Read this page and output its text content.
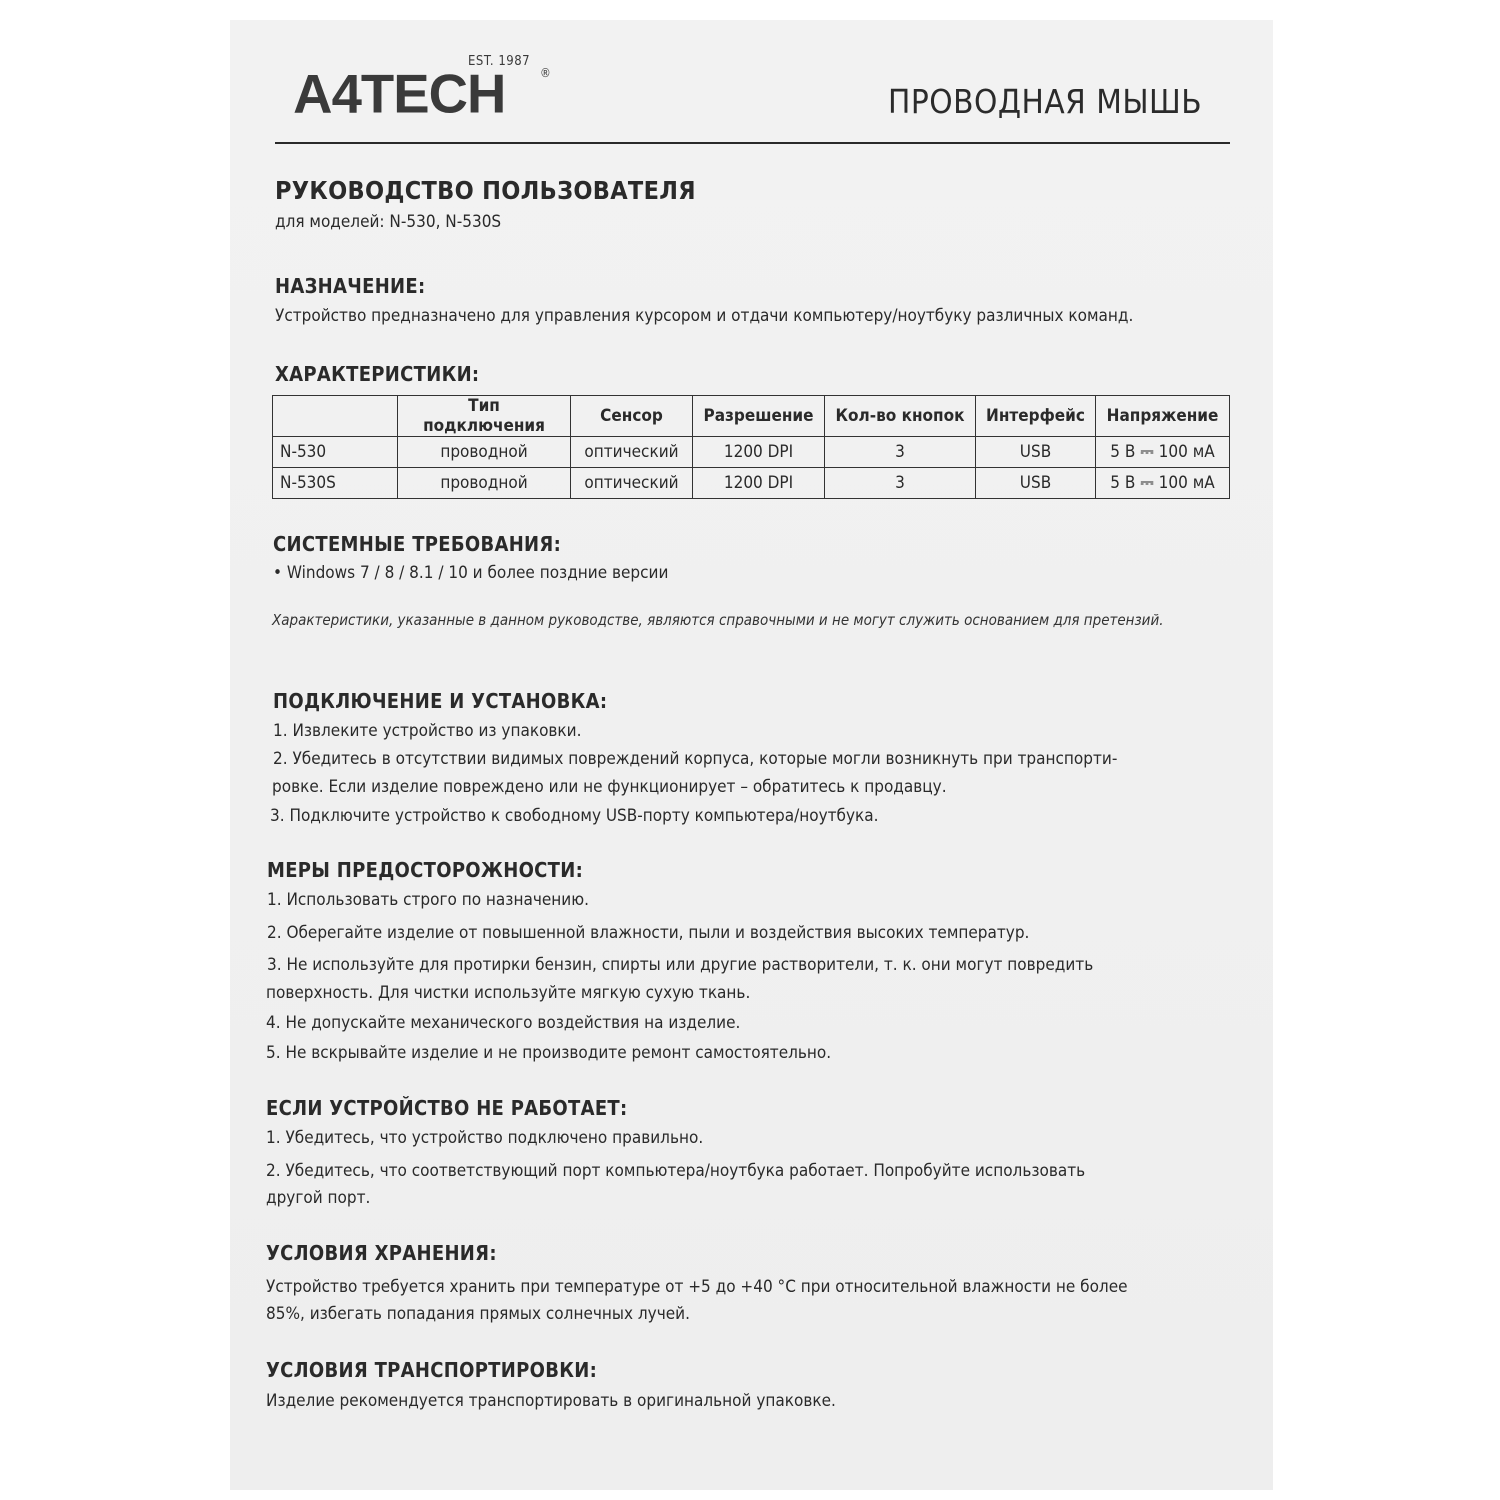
A4TECH
EST. 1987
®
ПРОВОДНАЯ МЫШЬ
РУКОВОДСТВО ПОЛЬЗОВАТЕЛЯ
для моделей: N-530, N-530S
НАЗНАЧЕНИЕ:
Устройство предназначено для управления курсором и отдачи компьютеру/ноутбуку различных команд.
ХАРАКТЕРИСТИКИ:
	Тип подключения	Сенсор	Разрешение	Кол-во кнопок	Интерфейс	Напряжение
N-530	проводной	оптический	1200 DPI	3	USB	5 В ⎓ 100 мА
N-530S	проводной	оптический	1200 DPI	3	USB	5 В ⎓ 100 мА
СИСТЕМНЫЕ ТРЕБОВАНИЯ:
• Windows 7 / 8 / 8.1 / 10 и более поздние версии
Характеристики, указанные в данном руководстве, являются справочными и не могут служить основанием для претензий.
ПОДКЛЮЧЕНИЕ И УСТАНОВКА:
1. Извлеките устройство из упаковки.
2. Убедитесь в отсутствии видимых повреждений корпуса, которые могли возникнуть при транспорти-
ровке. Если изделие повреждено или не функционирует – обратитесь к продавцу.
3. Подключите устройство к свободному USB-порту компьютера/ноутбука.
МЕРЫ ПРЕДОСТОРОЖНОСТИ:
1. Использовать строго по назначению.
2. Оберегайте изделие от повышенной влажности, пыли и воздействия высоких температур.
3. Не используйте для протирки бензин, спирты или другие растворители, т. к. они могут повредить
поверхность. Для чистки используйте мягкую сухую ткань.
4. Не допускайте механического воздействия на изделие.
5. Не вскрывайте изделие и не производите ремонт самостоятельно.
ЕСЛИ УСТРОЙСТВО НЕ РАБОТАЕТ:
1. Убедитесь, что устройство подключено правильно.
2. Убедитесь, что соответствующий порт компьютера/ноутбука работает. Попробуйте использовать
другой порт.
УСЛОВИЯ ХРАНЕНИЯ:
Устройство требуется хранить при температуре от +5 до +40 °С при относительной влажности не более
85%, избегать попадания прямых солнечных лучей.
УСЛОВИЯ ТРАНСПОРТИРОВКИ:
Изделие рекомендуется транспортировать в оригинальной упаковке.
